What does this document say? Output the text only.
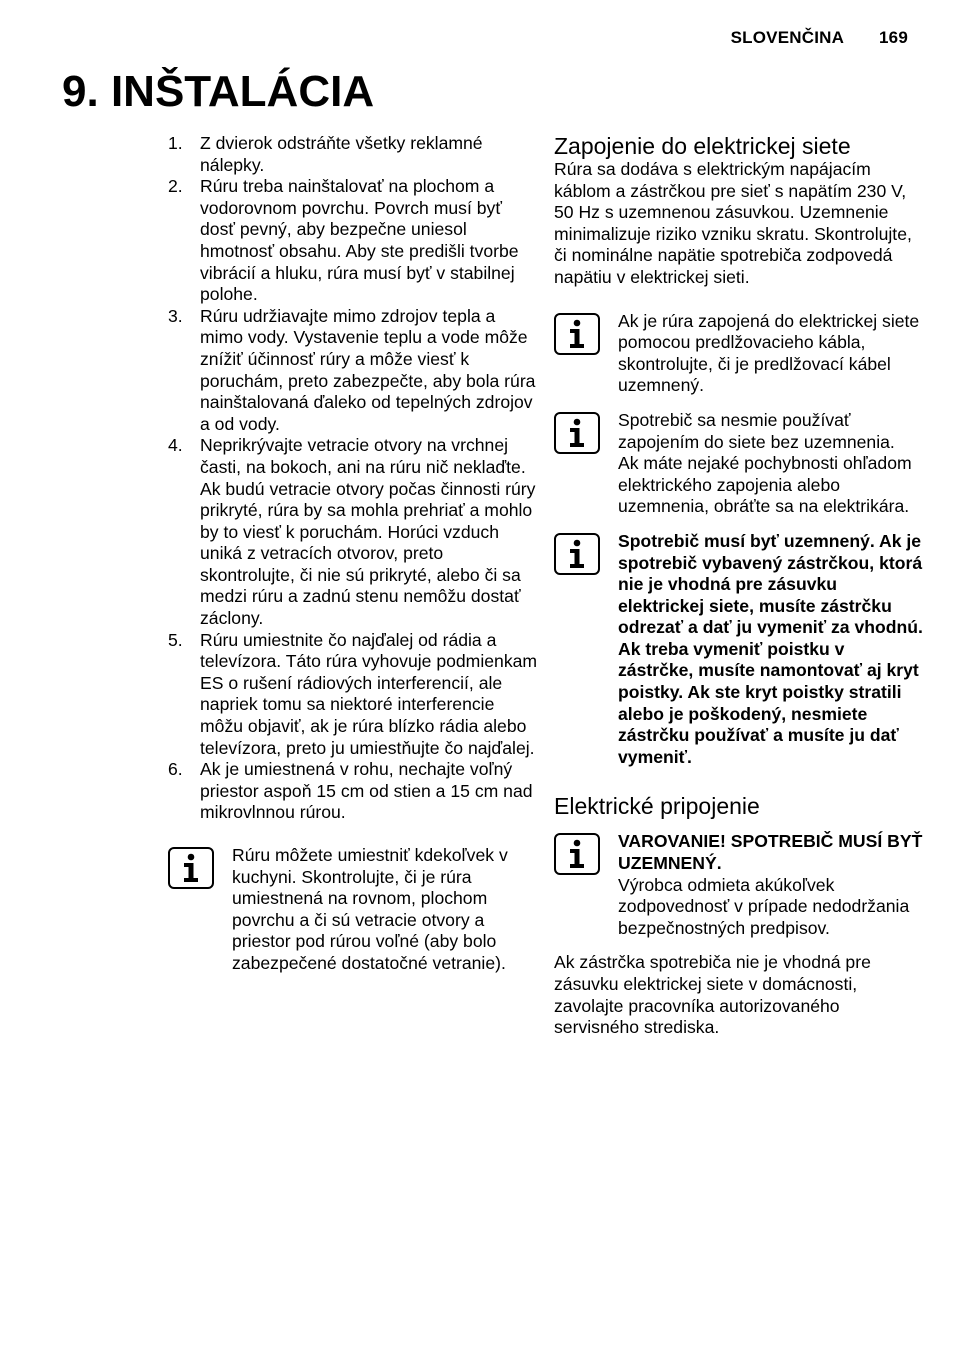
SLOVENČINA 169
9. INŠTALÁCIA
1. Z dvierok odstráňte všetky reklamné nálepky.
2. Rúru treba nainštalovať na plochom a vodorovnom povrchu. Povrch musí byť dosť pevný, aby bezpečne uniesol hmotnosť obsahu. Aby ste predišli tvorbe vibrácií a hluku, rúra musí byť v stabilnej polohe.
3. Rúru udržiavajte mimo zdrojov tepla a mimo vody. Vystavenie teplu a vode môže znížiť účinnosť rúry a môže viesť k poruchám, preto zabezpečte, aby bola rúra nainštalovaná ďaleko od tepelných zdrojov a od vody.
4. Neprikrývajte vetracie otvory na vrchnej časti, na bokoch, ani na rúru nič neklaďte. Ak budú vetracie otvory počas činnosti rúry prikryté, rúra by sa mohla prehriať a mohlo by to viesť k poruchám. Horúci vzduch uniká z vetracích otvorov, preto skontrolujte, či nie sú prikryté, alebo či sa medzi rúru a zadnú stenu nemôžu dostať záclony.
5. Rúru umiestnite čo najďalej od rádia a televízora. Táto rúra vyhovuje podmienkam ES o rušení rádiových interferencií, ale napriek tomu sa niektoré interferencie môžu objaviť, ak je rúra blízko rádia alebo televízora, preto ju umiestňujte čo najďalej.
6. Ak je umiestnená v rohu, nechajte voľný priestor aspoň 15 cm od stien a 15 cm nad mikrovlnnou rúrou.
Rúru môžete umiestniť kdekoľvek v kuchyni. Skontrolujte, či je rúra umiestnená na rovnom, plochom povrchu a či sú vetracie otvory a priestor pod rúrou voľné (aby bolo zabezpečené dostatočné vetranie).
Zapojenie do elektrickej siete

Rúra sa dodáva s elektrickým napájacím káblom a zástrčkou pre sieť s napätím 230 V, 50 Hz s uzemnenou zásuvkou. Uzemnenie minimalizuje riziko vzniku skratu. Skontrolujte, či nominálne napätie spotrebiča zodpovedá napätiu v elektrickej sieti.

Ak je rúra zapojená do elektrickej siete pomocou predlžovacieho kábla, skontrolujte, či je predlžovací kábel uzemnený.
Spotrebič sa nesmie používať zapojením do siete bez uzemnenia.
Ak máte nejaké pochybnosti ohľadom elektrického zapojenia alebo uzemnenia, obráťte sa na elektrikára.
Spotrebič musí byť uzemnený. Ak je spotrebič vybavený zástrčkou, ktorá nie je vhodná pre zásuvku elektrickej siete, musíte zástrčku odrezať a dať ju vymeniť za vhodnú. Ak treba vymeniť poistku v zástrčke, musíte namontovať aj kryt poistky. Ak ste kryt poistky stratili alebo je poškodený, nesmiete zástrčku používať a musíte ju dať vymeniť.
Elektrické pripojenie
VAROVANIE! SPOTREBIČ MUSÍ BYŤ UZEMNENÝ.
Výrobca odmieta akúkoľvek zodpovednosť v prípade nedodržania bezpečnostných predpisov.

Ak zástrčka spotrebiča nie je vhodná pre zásuvku elektrickej siete v domácnosti, zavolajte pracovníka autorizovaného servisného strediska.
